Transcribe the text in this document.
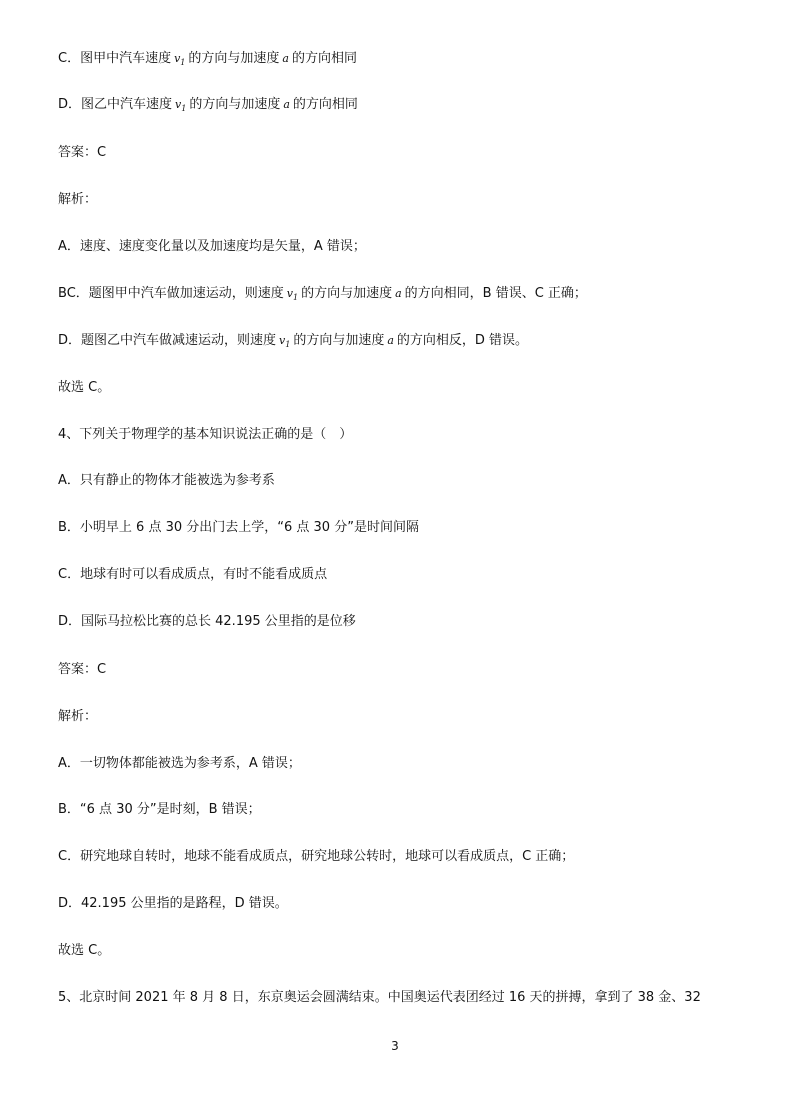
C．图甲中汽车速度 $v_1$ 的方向与加速度 a 的方向相同
D．图乙中汽车速度 $v_1$ 的方向与加速度 a 的方向相同
答案：C
解析：
A．速度、速度变化量以及加速度均是矢量，A 错误；
BC．题图甲中汽车做加速运动，则速度 $v_1$ 的方向与加速度 a 的方向相同，B 错误、C 正确；
D．题图乙中汽车做减速运动，则速度 $v_1$ 的方向与加速度 a 的方向相反，D 错误。
故选 C。
4、下列关于物理学的基本知识说法正确的是（　）
A．只有静止的物体才能被选为参考系
B．小明早上 6 点 30 分出门去上学，“6 点 30 分”是时间间隔
C．地球有时可以看成质点，有时不能看成质点
D．国际马拉松比赛的总长 42.195 公里指的是位移
答案：C
解析：
A．一切物体都能被选为参考系，A 错误；
B．“6 点 30 分”是时刻，B 错误；
C．研究地球自转时，地球不能看成质点，研究地球公转时，地球可以看成质点，C 正确；
D．42.195 公里指的是路程，D 错误。
故选 C。
5、北京时间 2021 年 8 月 8 日，东京奥运会圆满结束。中国奥运代表团经过 16 天的拼搏，拿到了 38 金、32
3
